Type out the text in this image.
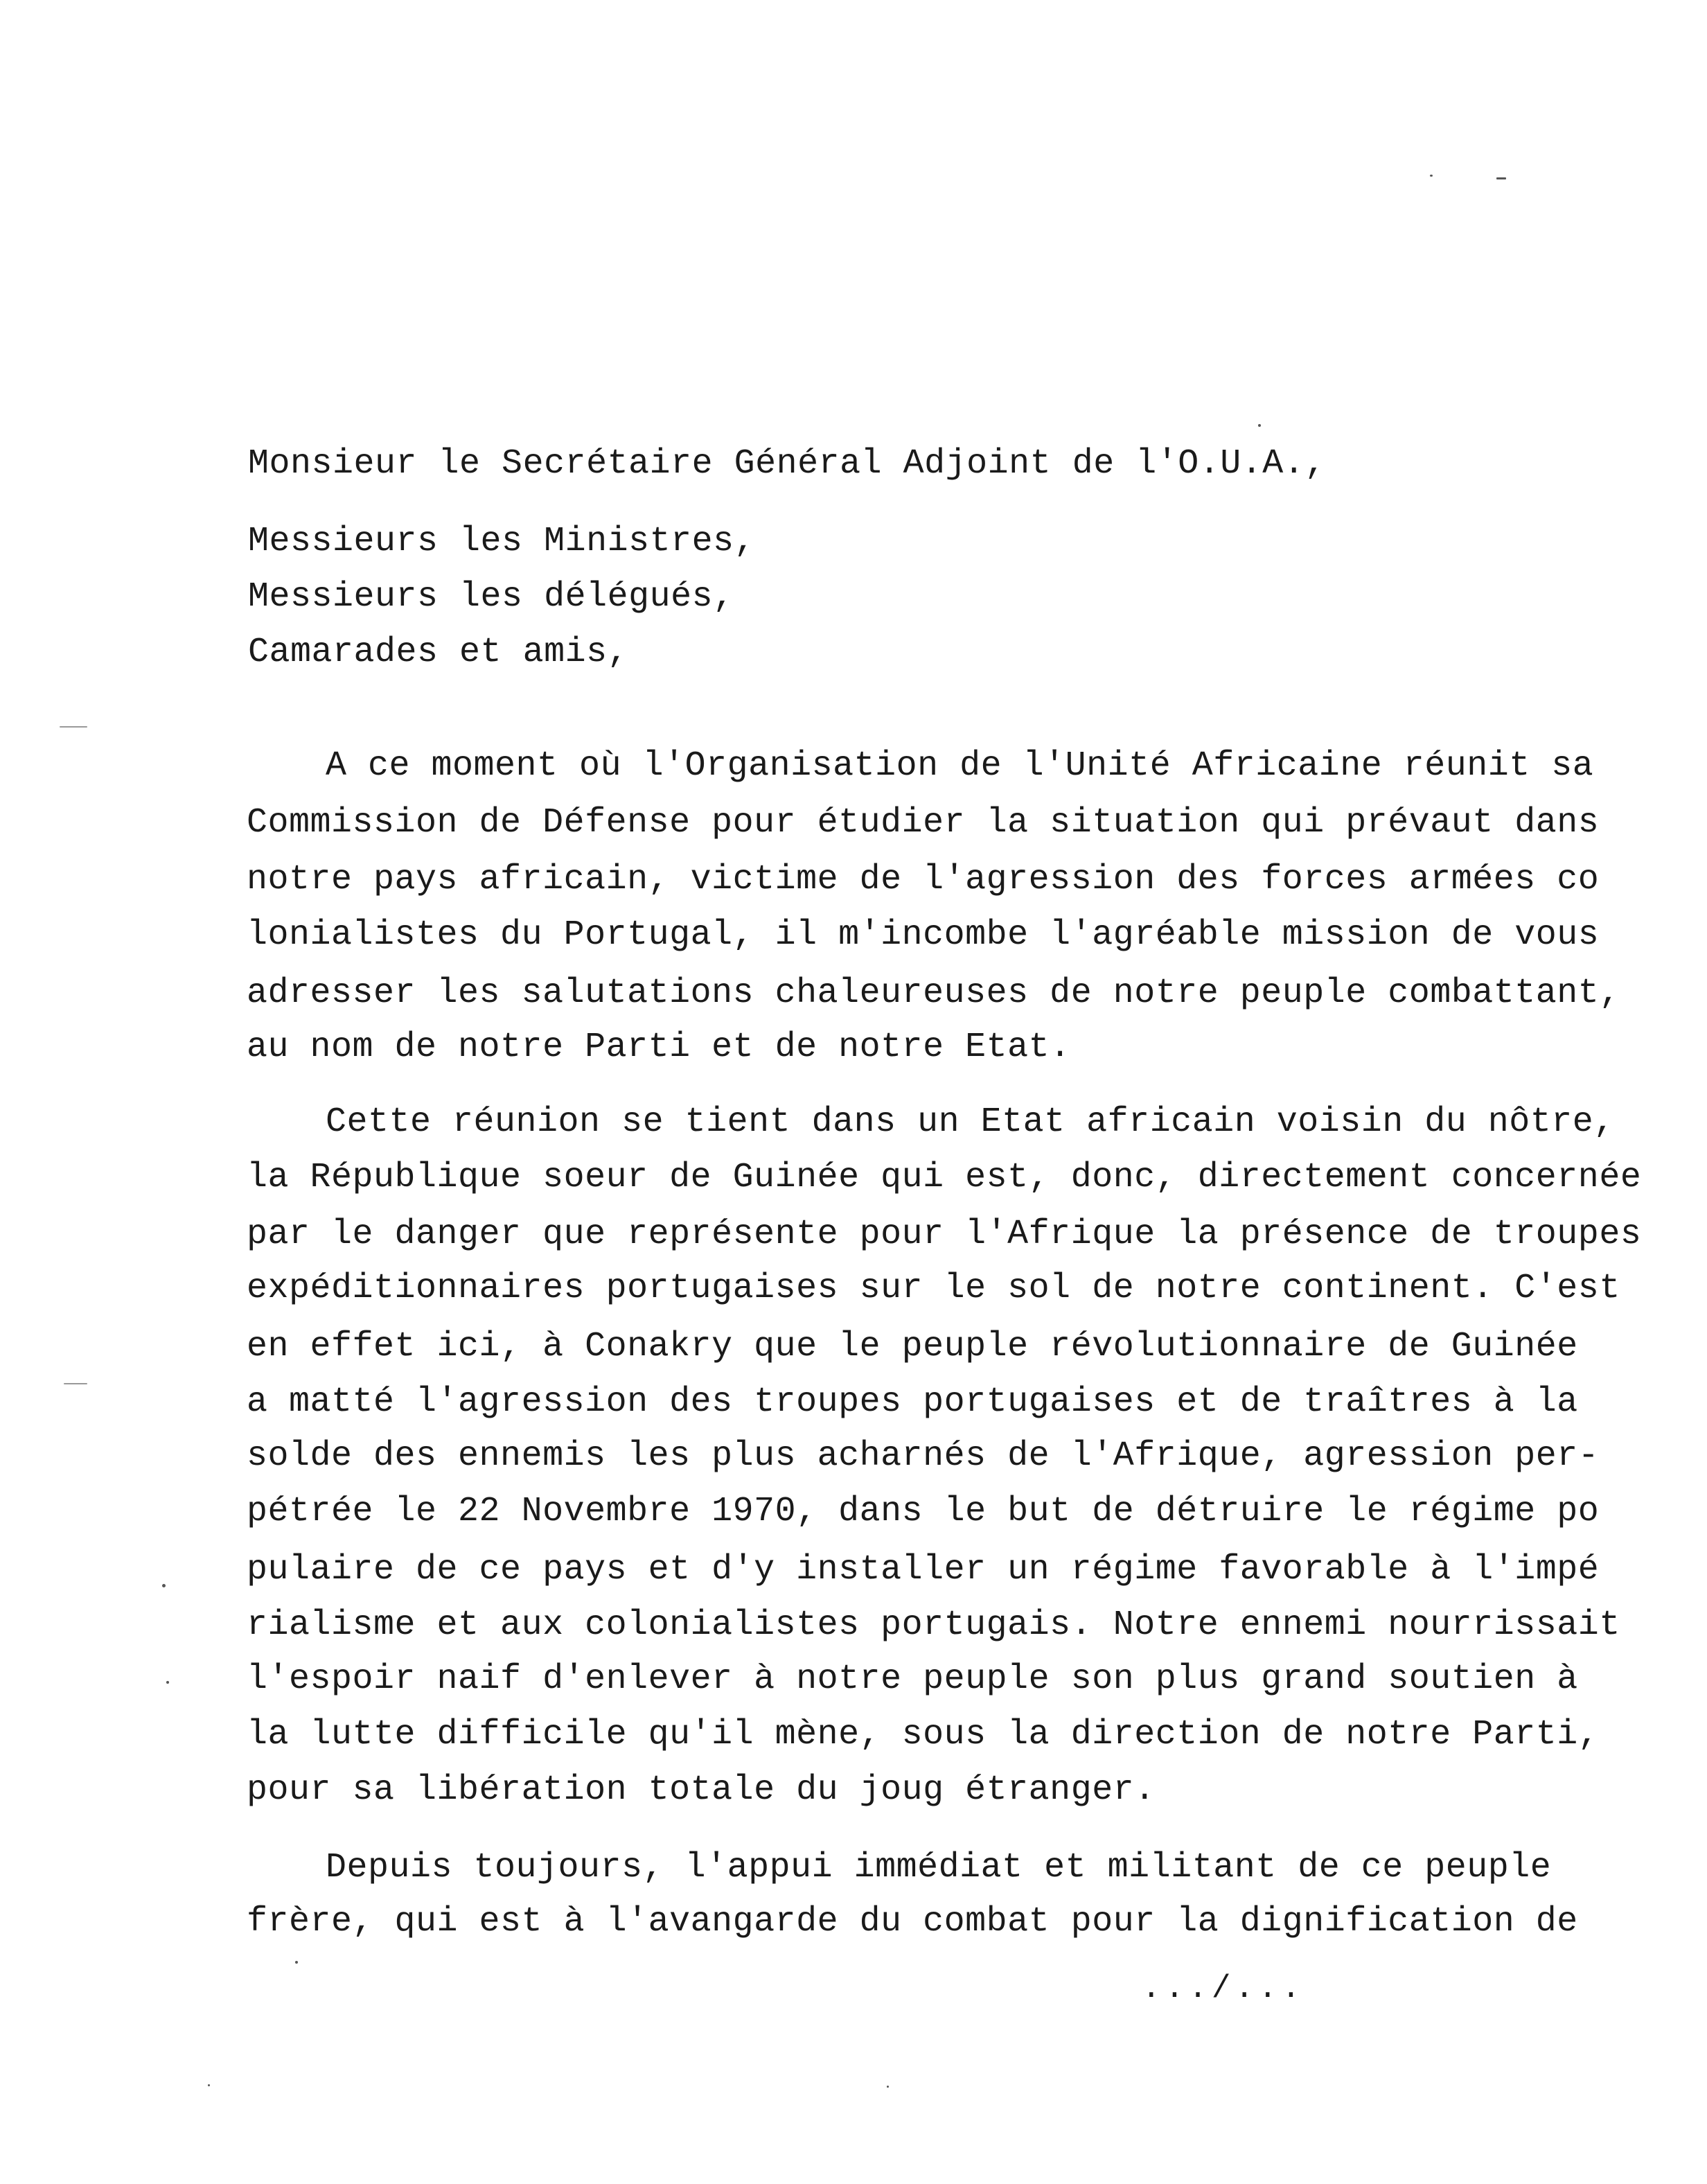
Monsieur le Secrétaire Général Adjoint de l'O.U.A.,
Messieurs les Ministres,
Messieurs les délégués,
Camarades et amis,
A ce moment où l'Organisation de l'Unité Africaine réunit sa
Commission de Défense pour étudier la situation qui prévaut dans
notre pays africain, victime de l'agression des forces armées co
lonialistes du Portugal, il m'incombe l'agréable mission de vous
adresser les salutations chaleureuses de notre peuple combattant,
au nom de notre Parti et de notre Etat.
Cette réunion se tient dans un Etat africain voisin du nôtre,
la République soeur de Guinée qui est, donc, directement concernée
par le danger que représente pour l'Afrique la présence de troupes
expéditionnaires portugaises sur le sol de notre continent. C'est
en effet ici, à Conakry que le peuple révolutionnaire de Guinée
a matté l'agression des troupes portugaises et de traîtres à la
solde des ennemis les plus acharnés de l'Afrique, agression per-
pétrée le 22 Novembre 1970, dans le but de détruire le régime po
pulaire de ce pays et d'y installer un régime favorable à l'impé
rialisme et aux colonialistes portugais. Notre ennemi nourrissait
l'espoir naif d'enlever à notre peuple son plus grand soutien à
la lutte difficile qu'il mène, sous la direction de notre Parti,
pour sa libération totale du joug étranger.
Depuis toujours, l'appui immédiat et militant de ce peuple
frère, qui est à l'avangarde du combat pour la dignification de
.../...
